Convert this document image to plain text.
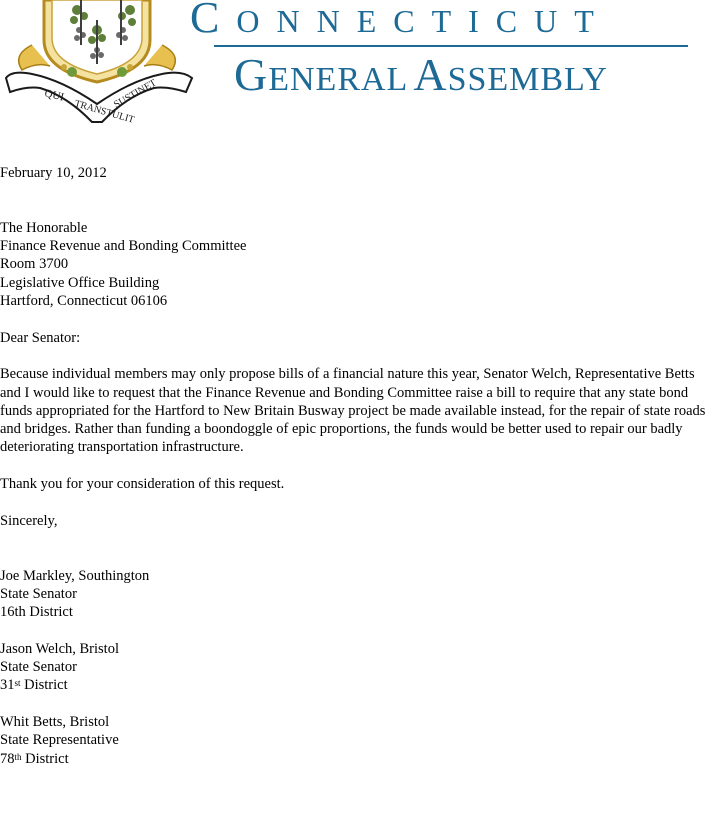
QUI
TRANSTULIT
SUSTINET
CONNECTICUT
GENERAL ASSEMBLY

February 10, 2012

The Honorable

Finance Revenue and Bonding Committee

Room 3700

Legislative Office Building

Hartford, Connecticut 06106

Dear Senator:

Because individual members may only propose bills of a financial nature this year, Senator Welch, Representative Betts and I would like to request that the Finance Revenue and Bonding Committee raise a bill to require that any state bond funds appropriated for the Hartford to New Britain Busway project be made available instead, for the repair of state roads and bridges. Rather than funding a boondoggle of epic proportions, the funds would be better used to repair our badly deteriorating transportation infrastructure.

Thank you for your consideration of this request.

Sincerely,

Joe Markley, Southington

State Senator

16th District

Jason Welch, Bristol

State Senator

31st District

Whit Betts, Bristol

State Representative

78th District
